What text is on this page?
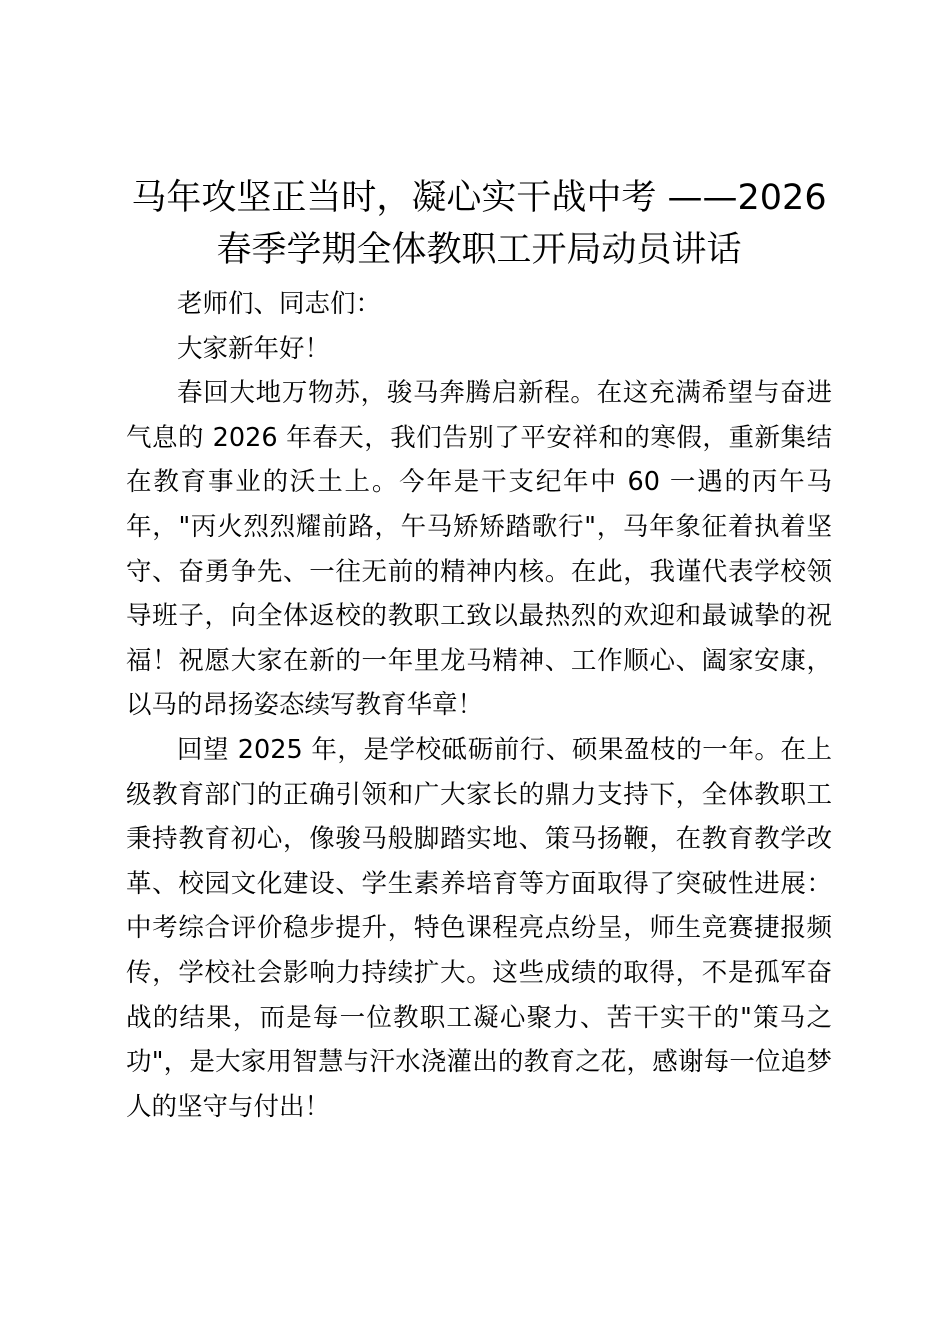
马年攻坚正当时，凝心实干战中考 ——2026
春季学期全体教职工开局动员讲话

老师们、同志们：

大家新年好！

春回大地万物苏，骏马奔腾启新程。在这充满希望与奋进气息的 2026 年春天，我们告别了平安祥和的寒假，重新集结在教育事业的沃土上。今年是干支纪年中 60 一遇的丙午马年，"丙火烈烈耀前路，午马矫矫踏歌行"，马年象征着执着坚守、奋勇争先、一往无前的精神内核。在此，我谨代表学校领导班子，向全体返校的教职工致以最热烈的欢迎和最诚挚的祝福！祝愿大家在新的一年里龙马精神、工作顺心、阖家安康，以马的昂扬姿态续写教育华章！

回望 2025 年，是学校砥砺前行、硕果盈枝的一年。在上级教育部门的正确引领和广大家长的鼎力支持下，全体教职工秉持教育初心，像骏马般脚踏实地、策马扬鞭，在教育教学改革、校园文化建设、学生素养培育等方面取得了突破性进展：中考综合评价稳步提升，特色课程亮点纷呈，师生竞赛捷报频传，学校社会影响力持续扩大。这些成绩的取得，不是孤军奋战的结果，而是每一位教职工凝心聚力、苦干实干的"策马之功"，是大家用智慧与汗水浇灌出的教育之花，感谢每一位追梦人的坚守与付出！
